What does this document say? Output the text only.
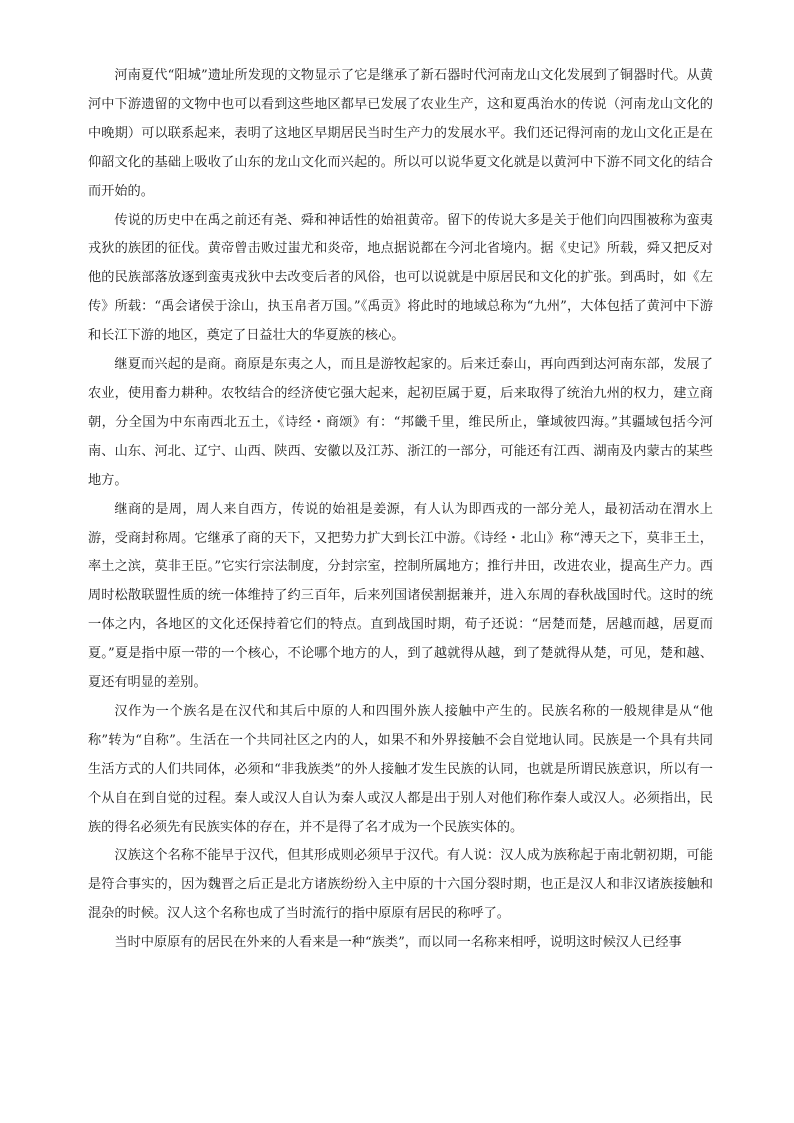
河南夏代“阳城”遗址所发现的文物显示了它是继承了新石器时代河南龙山文化发展到了铜器时代。从黄河中下游遗留的文物中也可以看到这些地区都早已发展了农业生产，这和夏禹治水的传说（河南龙山文化的中晚期）可以联系起来，表明了这地区早期居民当时生产力的发展水平。我们还记得河南的龙山文化正是在仰韶文化的基础上吸收了山东的龙山文化而兴起的。所以可以说华夏文化就是以黄河中下游不同文化的结合而开始的。

传说的历史中在禹之前还有尧、舜和神话性的始祖黄帝。留下的传说大多是关于他们向四围被称为蛮夷戎狄的族团的征伐。黄帝曾击败过蚩尤和炎帝，地点据说都在今河北省境内。据《史记》所载，舜又把反对他的民族部落放逐到蛮夷戎狄中去改变后者的风俗，也可以说就是中原居民和文化的扩张。到禹时，如《左传》所载：“禹会诸侯于涂山，执玉帛者万国。”《禹贡》将此时的地域总称为“九州”，大体包括了黄河中下游和长江下游的地区，奠定了日益壮大的华夏族的核心。

继夏而兴起的是商。商原是东夷之人，而且是游牧起家的。后来迁泰山，再向西到达河南东部，发展了农业，使用畜力耕种。农牧结合的经济使它强大起来，起初臣属于夏，后来取得了统治九州的权力，建立商朝，分全国为中东南西北五土，《诗经・商颂》有：“邦畿千里，维民所止，肇域彼四海。”其疆域包括今河南、山东、河北、辽宁、山西、陕西、安徽以及江苏、浙江的一部分，可能还有江西、湖南及内蒙古的某些地方。

继商的是周，周人来自西方，传说的始祖是姜源，有人认为即西戎的一部分羌人，最初活动在渭水上游，受商封称周。它继承了商的天下，又把势力扩大到长江中游。《诗经・北山》称“溥天之下，莫非王土，率土之滨，莫非王臣。”它实行宗法制度，分封宗室，控制所属地方；推行井田，改进农业，提高生产力。西周时松散联盟性质的统一体维持了约三百年，后来列国诸侯割据兼并，进入东周的春秋战国时代。这时的统一体之内，各地区的文化还保持着它们的特点。直到战国时期，荀子还说：“居楚而楚，居越而越，居夏而夏。”夏是指中原一带的一个核心，不论哪个地方的人，到了越就得从越，到了楚就得从楚，可见，楚和越、夏还有明显的差别。

汉作为一个族名是在汉代和其后中原的人和四围外族人接触中产生的。民族名称的一般规律是从“他称”转为“自称”。生活在一个共同社区之内的人，如果不和外界接触不会自觉地认同。民族是一个具有共同生活方式的人们共同体，必须和“非我族类”的外人接触才发生民族的认同，也就是所谓民族意识，所以有一个从自在到自觉的过程。秦人或汉人自认为秦人或汉人都是出于别人对他们称作秦人或汉人。必须指出，民族的得名必须先有民族实体的存在，并不是得了名才成为一个民族实体的。

汉族这个名称不能早于汉代，但其形成则必须早于汉代。有人说：汉人成为族称起于南北朝初期，可能是符合事实的，因为魏晋之后正是北方诸族纷纷入主中原的十六国分裂时期，也正是汉人和非汉诸族接触和混杂的时候。汉人这个名称也成了当时流行的指中原原有居民的称呼了。

当时中原原有的居民在外来的人看来是一种“族类”，而以同一名称来相呼，说明这时候汉人已经事
